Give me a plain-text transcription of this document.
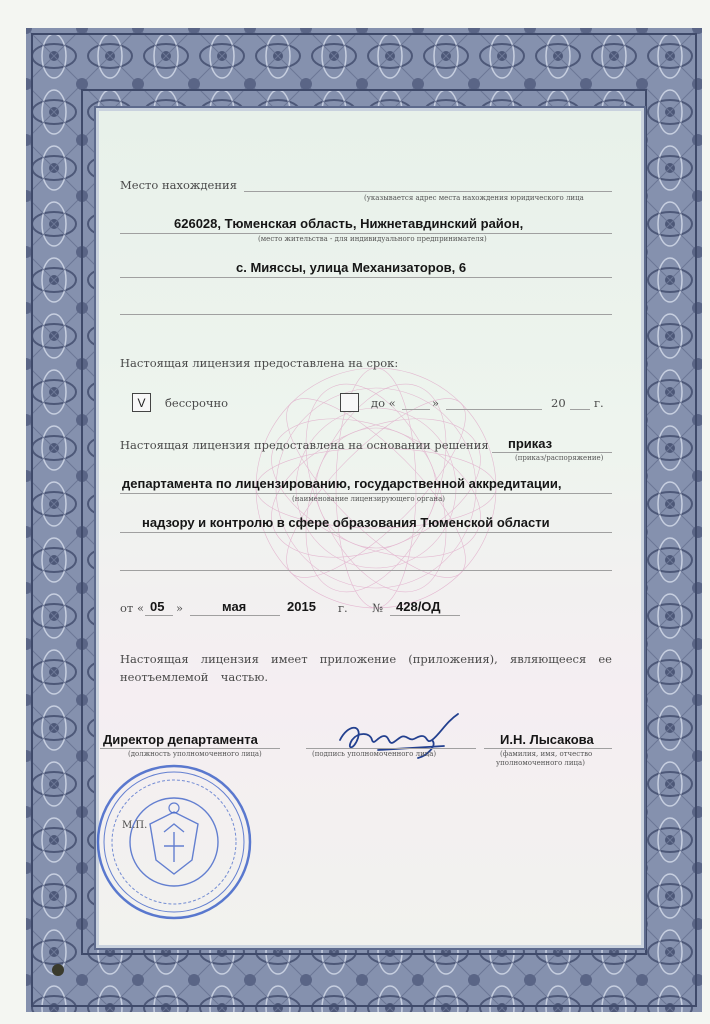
Место нахождения
(указывается адрес места нахождения юридического лица
626028, Тюменская область, Нижнетавдинский район,
(место жительства - для индивидуального предпринимателя)
с. Мияссы, улица Механизаторов, 6
Настоящая лицензия предоставлена на срок:
V	бессрочно	до «	»	20 г.
Настоящая лицензия предоставлена на основании решения приказ
(приказ/распоряжение)
департамента по лицензированию, государственной аккредитации,
(наименование лицензирующего органа)
надзору и контролю в сфере образования Тюменской области
от « 05 »	мая	2015 г. № 428/ОД
Настоящая лицензия имеет приложение (приложения), являющееся ее
неотъемлемой частью.
Директор департамента
(должность уполномоченного лица)	(подпись уполномоченного лица)
И.Н. Лысакова
(фамилия, имя, отчество
уполномоченного лица)
М.П.
